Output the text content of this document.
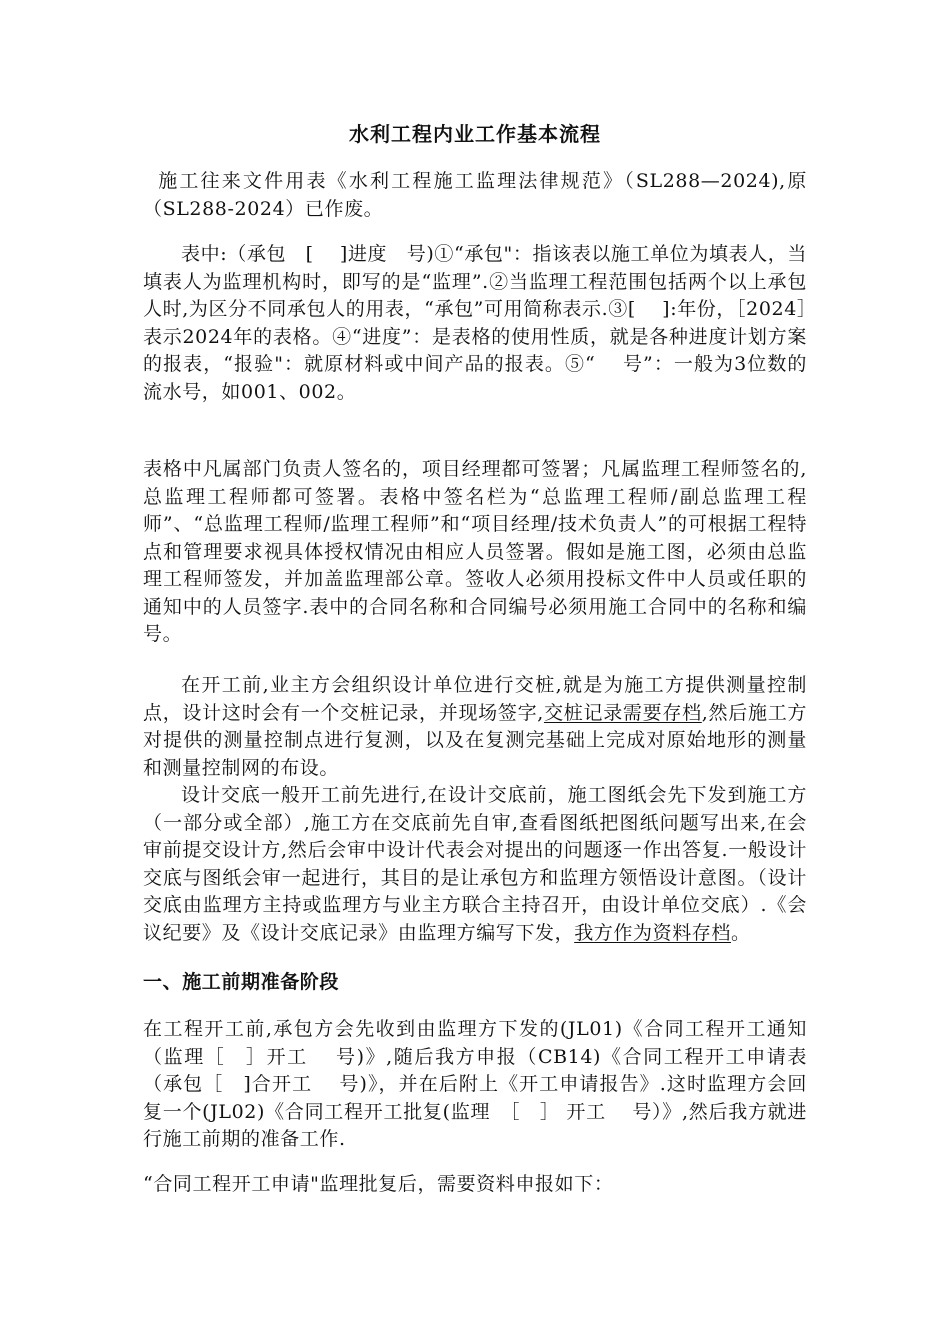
水利工程内业工作基本流程

施工往来文件用表《水利工程施工监理法律规范》（SL288—2024),原（SL288-2024）已作废。

表中:（承包　[　 ]进度　号)①“承包"：指该表以施工单位为填表人，当填表人为监理机构时，即写的是“监理”.②当监理工程范围包括两个以上承包人时,为区分不同承包人的用表，“承包”可用简称表示.③[　 ]:年份，［2024］表示2024年的表格。④“进度”：是表格的使用性质，就是各种进度计划方案的报表，“报验"：就原材料或中间产品的报表。⑤“　 号”：一般为3位数的流水号，如001、002。

表格中凡属部门负责人签名的，项目经理都可签署；凡属监理工程师签名的,总监理工程师都可签署。表格中签名栏为“总监理工程师/副总监理工程师”、“总监理工程师/监理工程师”和“项目经理/技术负责人”的可根据工程特点和管理要求视具体授权情况由相应人员签署。假如是施工图，必须由总监理工程师签发，并加盖监理部公章。签收人必须用投标文件中人员或任职的通知中的人员签字.表中的合同名称和合同编号必须用施工合同中的名称和编号。

在开工前,业主方会组织设计单位进行交桩,就是为施工方提供测量控制点，设计这时会有一个交桩记录，并现场签字,交桩记录需要存档,然后施工方对提供的测量控制点进行复测，以及在复测完基础上完成对原始地形的测量和测量控制网的布设。

设计交底一般开工前先进行,在设计交底前，施工图纸会先下发到施工方（一部分或全部）,施工方在交底前先自审,查看图纸把图纸问题写出来,在会审前提交设计方,然后会审中设计代表会对提出的问题逐一作出答复.一般设计交底与图纸会审一起进行，其目的是让承包方和监理方领悟设计意图。（设计交底由监理方主持或监理方与业主方联合主持召开，由设计单位交底）.《会议纪要》及《设计交底记录》由监理方编写下发，我方作为资料存档。

一、施工前期准备阶段

在工程开工前,承包方会先收到由监理方下发的(JL01)《合同工程开工通知（监理［　］开工　 号)》,随后我方申报（CB14)《合同工程开工申请表（承包［　]合开工　 号)》，并在后附上《开工申请报告》.这时监理方会回复一个(JL02)《合同工程开工批复(监理　［　］ 开工　 号）》,然后我方就进行施工前期的准备工作.

“合同工程开工申请"监理批复后，需要资料申报如下：
